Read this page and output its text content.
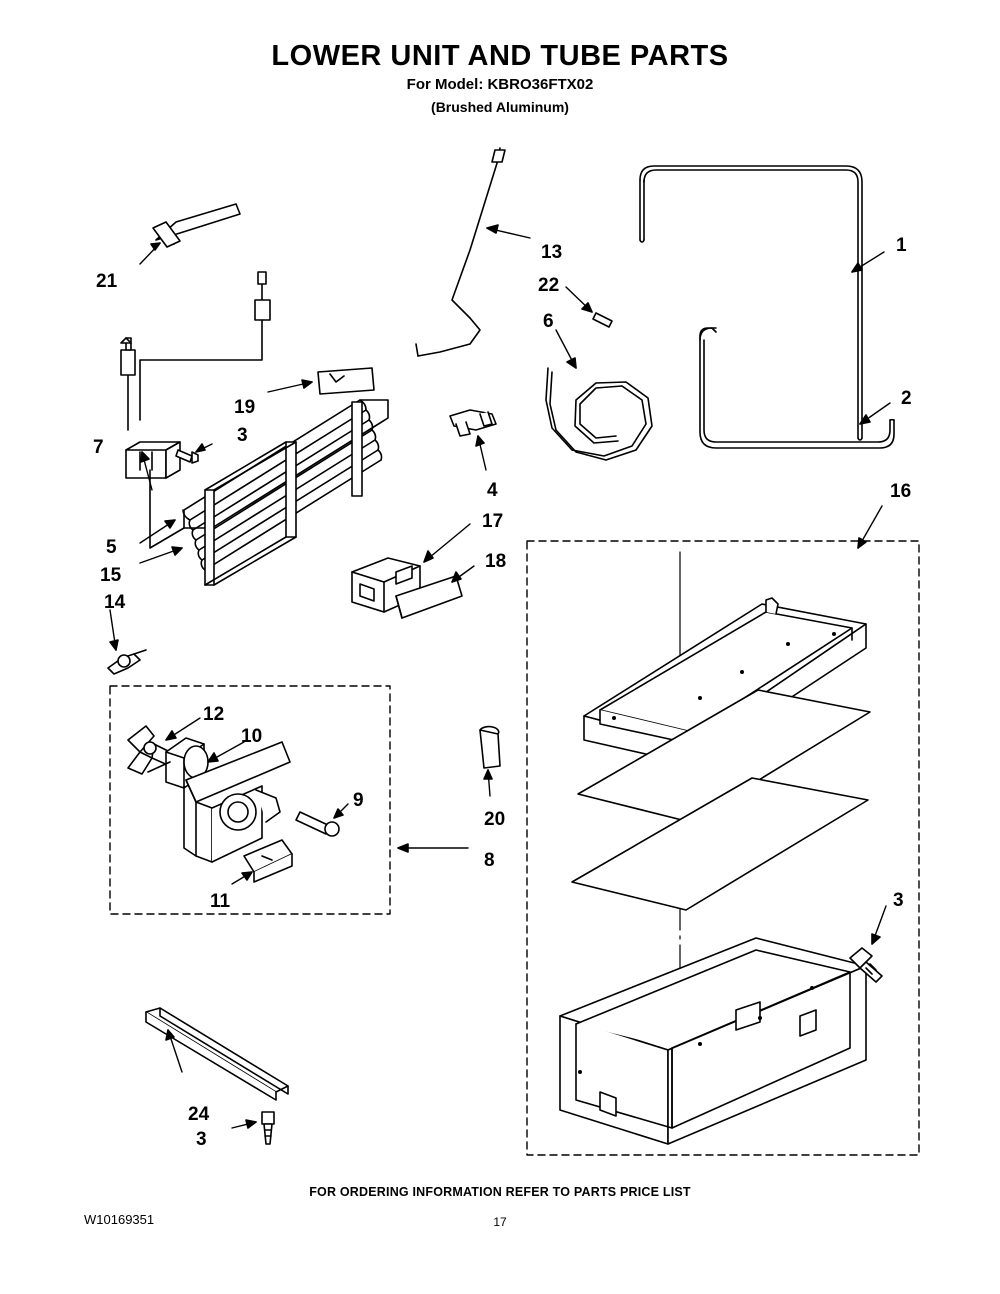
LOWER UNIT AND TUBE PARTS
For Model: KBRO36FTX02
(Brushed Aluminum)
21
13
22
6
1
2
19
3
7
4	16
17
5
15
18
14
12
10
9
20
8
11	3
24
3
FOR ORDERING INFORMATION REFER TO PARTS PRICE LIST
W10169351	17
